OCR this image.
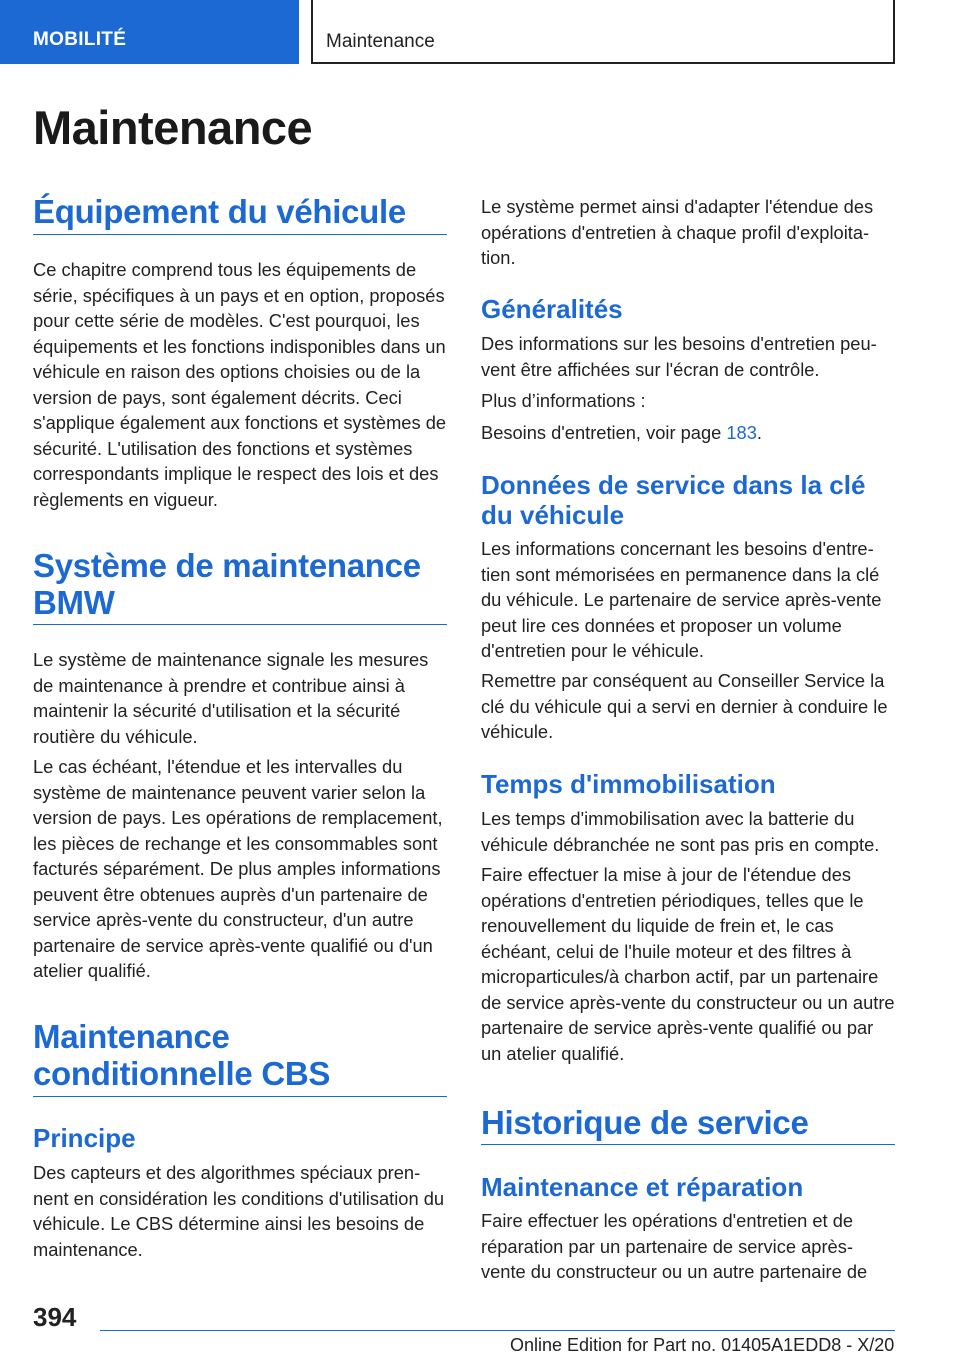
MOBILITÉ	Maintenance
Maintenance
Équipement du véhicule
Ce chapitre comprend tous les équipements de série, spécifiques à un pays et en option, proposés pour cette série de modèles. C'est pourquoi, les équipements et les fonctions indisponibles dans un véhicule en raison des options choisies ou de la version de pays, sont également décrits. Ceci s'applique également aux fonctions et systèmes de sécurité. L'utilisation des fonctions et systèmes correspondants implique le respect des lois et des règlements en vigueur.
Système de maintenance
BMW
Le système de maintenance signale les mesures de maintenance à prendre et contribue ainsi à maintenir la sécurité d'utilisation et la sécurité routière du véhicule.
Le cas échéant, l'étendue et les intervalles du système de maintenance peuvent varier selon la version de pays. Les opérations de remplacement, les pièces de rechange et les consommables sont facturés séparément. De plus amples informations peuvent être obtenues auprès d'un partenaire de service après-vente du constructeur, d'un autre partenaire de service après-vente qualifié ou d'un atelier qualifié.
Maintenance
conditionnelle CBS
Principe
Des capteurs et des algorithmes spéciaux prennent en considération les conditions d'utilisation du véhicule. Le CBS détermine ainsi les besoins de maintenance.
Le système permet ainsi d'adapter l'étendue des opérations d'entretien à chaque profil d'exploitation.
Généralités
Des informations sur les besoins d'entretien peuvent être affichées sur l'écran de contrôle.
Plus d’informations :
Besoins d'entretien, voir page 183.
Données de service dans la clé
du véhicule
Les informations concernant les besoins d'entretien sont mémorisées en permanence dans la clé du véhicule. Le partenaire de service après-vente peut lire ces données et proposer un volume d'entretien pour le véhicule.
Remettre par conséquent au Conseiller Service la clé du véhicule qui a servi en dernier à conduire le véhicule.
Temps d'immobilisation
Les temps d'immobilisation avec la batterie du véhicule débranchée ne sont pas pris en compte.
Faire effectuer la mise à jour de l'étendue des opérations d'entretien périodiques, telles que le renouvellement du liquide de frein et, le cas échéant, celui de l'huile moteur et des filtres à microparticules/à charbon actif, par un partenaire de service après-vente du constructeur ou un autre partenaire de service après-vente qualifié ou par un atelier qualifié.
Historique de service
Maintenance et réparation
Faire effectuer les opérations d'entretien et de réparation par un partenaire de service après-vente du constructeur ou un autre partenaire de
394
Online Edition for Part no. 01405A1EDD8 - X/20
